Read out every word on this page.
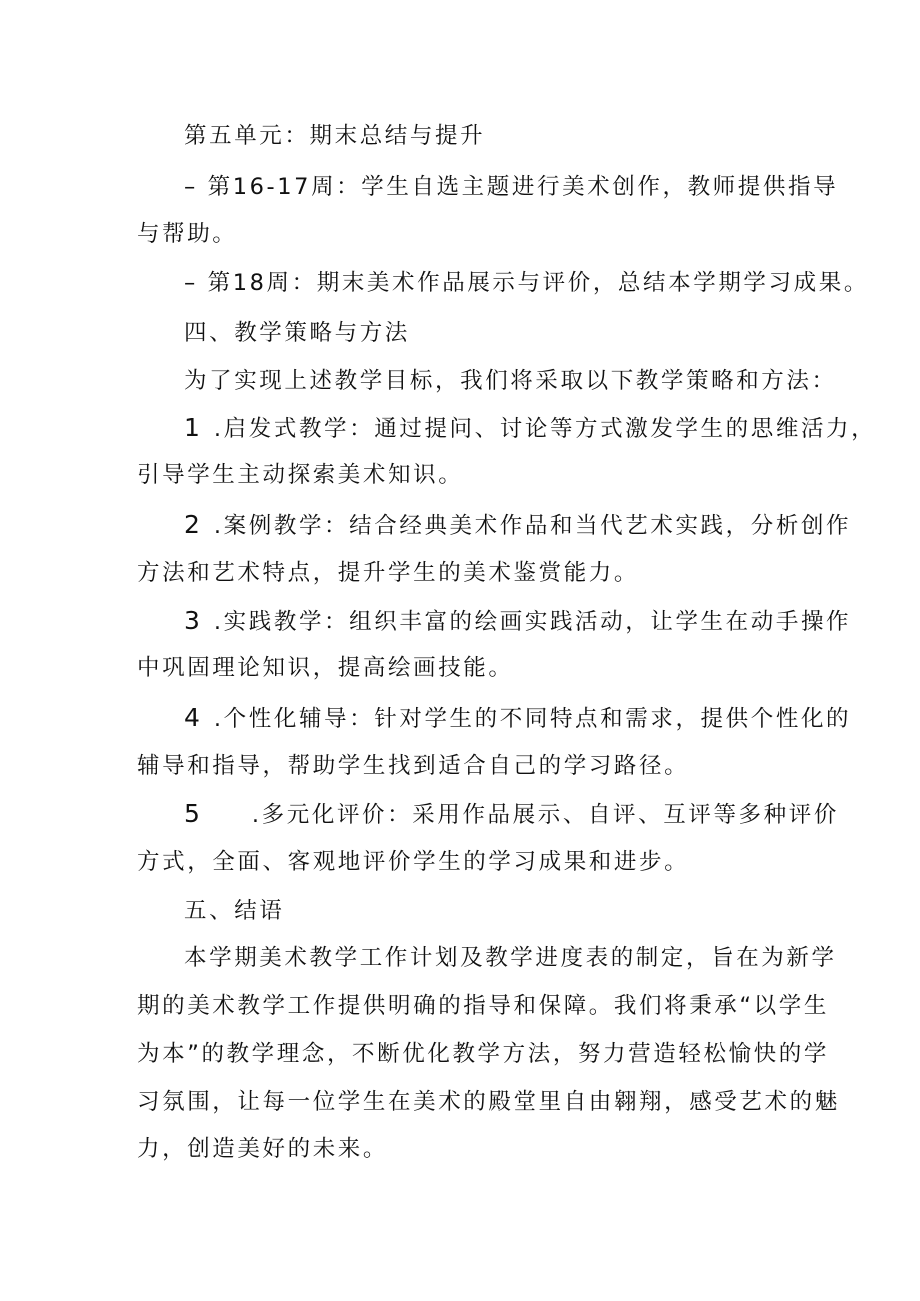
第五单元：期末总结与提升
– 第16-17周：学生自选主题进行美术创作，教师提供指导
与帮助。
– 第18周：期末美术作品展示与评价，总结本学期学习成果。
四、教学策略与方法
为了实现上述教学目标，我们将采取以下教学策略和方法：
1 .启发式教学：通过提问、讨论等方式激发学生的思维活力，
引导学生主动探索美术知识。
2 .案例教学：结合经典美术作品和当代艺术实践，分析创作
方法和艺术特点，提升学生的美术鉴赏能力。
3 .实践教学：组织丰富的绘画实践活动，让学生在动手操作
中巩固理论知识，提高绘画技能。
4 .个性化辅导：针对学生的不同特点和需求，提供个性化的
辅导和指导，帮助学生找到适合自己的学习路径。
5 .多元化评价：采用作品展示、自评、互评等多种评价
方式，全面、客观地评价学生的学习成果和进步。
五、结语
本学期美术教学工作计划及教学进度表的制定，旨在为新学
期的美术教学工作提供明确的指导和保障。我们将秉承“以学生
为本”的教学理念，不断优化教学方法，努力营造轻松愉快的学
习氛围，让每一位学生在美术的殿堂里自由翱翔，感受艺术的魅
力，创造美好的未来。
